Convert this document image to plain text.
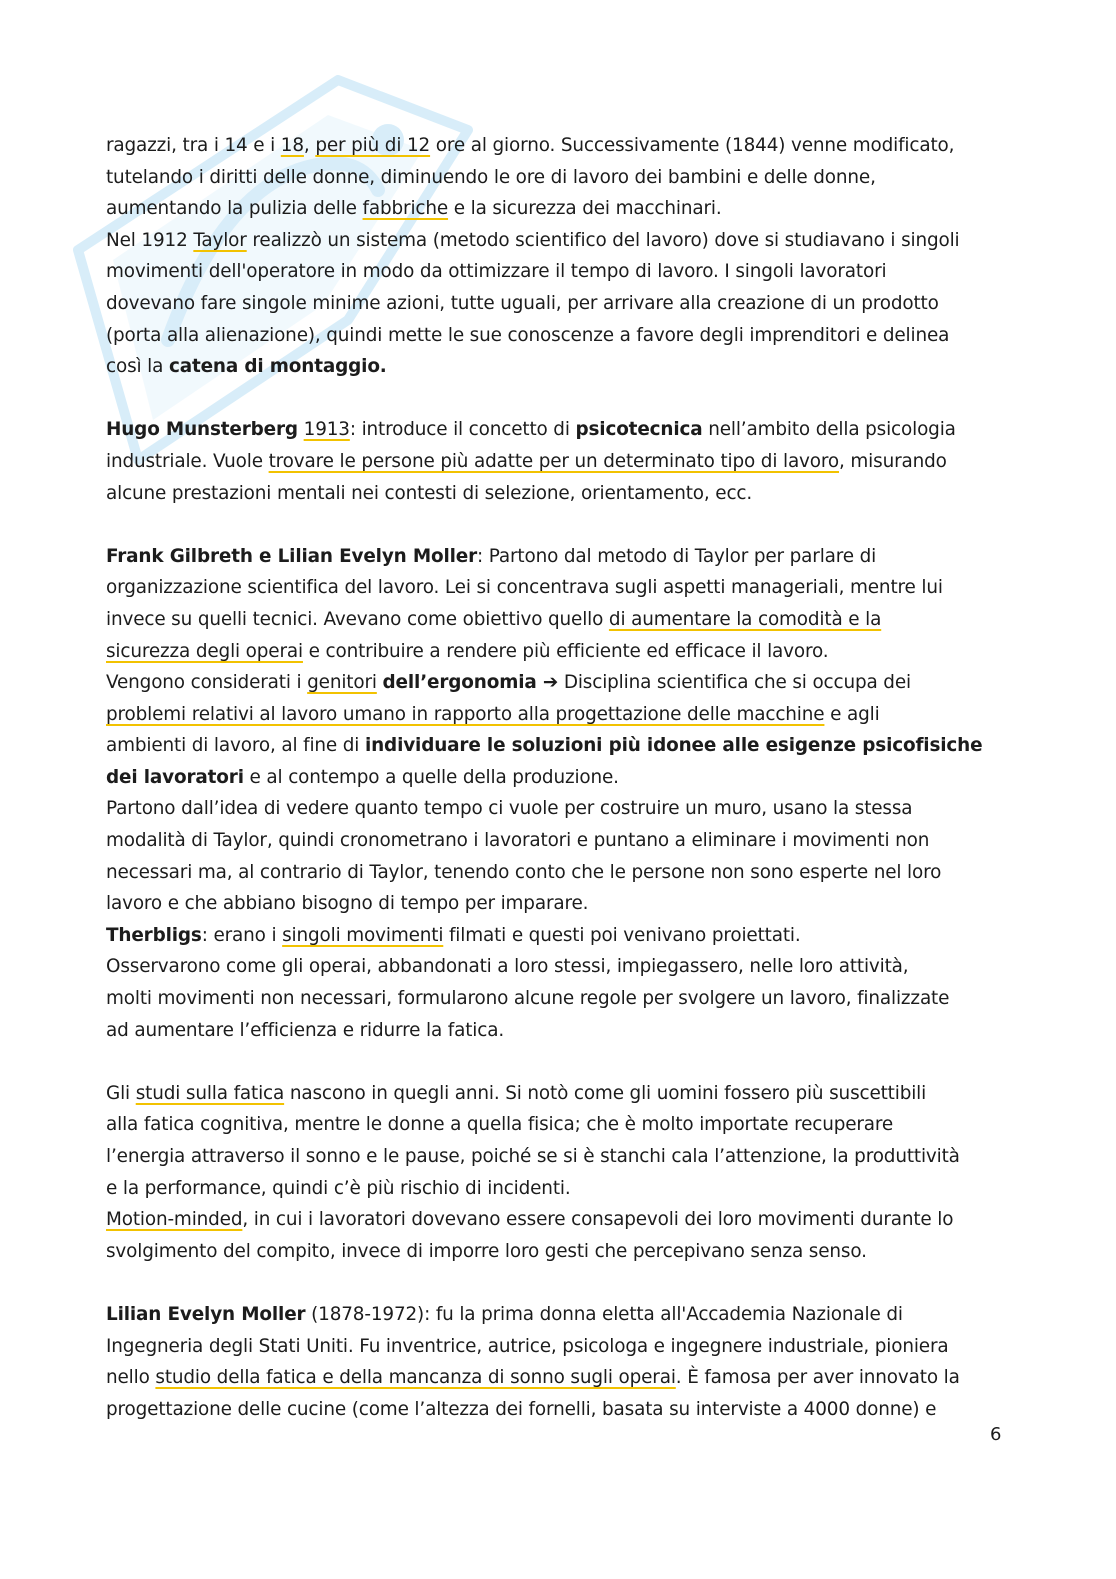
ragazzi, tra i 14 e i 18, per più di 12 ore al giorno. Successivamente (1844) venne modificato,
tutelando i diritti delle donne, diminuendo le ore di lavoro dei bambini e delle donne,
aumentando la pulizia delle fabbriche e la sicurezza dei macchinari.
Nel 1912 Taylor realizzò un sistema (metodo scientifico del lavoro) dove si studiavano i singoli
movimenti dell'operatore in modo da ottimizzare il tempo di lavoro. I singoli lavoratori
dovevano fare singole minime azioni, tutte uguali, per arrivare alla creazione di un prodotto
(porta alla alienazione), quindi mette le sue conoscenze a favore degli imprenditori e delinea
così la catena di montaggio.

Hugo Munsterberg 1913: introduce il concetto di psicotecnica nell’ambito della psicologia
industriale. Vuole trovare le persone più adatte per un determinato tipo di lavoro, misurando
alcune prestazioni mentali nei contesti di selezione, orientamento, ecc.

Frank Gilbreth e Lilian Evelyn Moller: Partono dal metodo di Taylor per parlare di
organizzazione scientifica del lavoro. Lei si concentrava sugli aspetti manageriali, mentre lui
invece su quelli tecnici. Avevano come obiettivo quello di aumentare la comodità e la
sicurezza degli operai e contribuire a rendere più efficiente ed efficace il lavoro.
Vengono considerati i genitori dell’ergonomia ➔ Disciplina scientifica che si occupa dei
problemi relativi al lavoro umano in rapporto alla progettazione delle macchine e agli
ambienti di lavoro, al fine di individuare le soluzioni più idonee alle esigenze psicofisiche
dei lavoratori e al contempo a quelle della produzione.
Partono dall’idea di vedere quanto tempo ci vuole per costruire un muro, usano la stessa
modalità di Taylor, quindi cronometrano i lavoratori e puntano a eliminare i movimenti non
necessari ma, al contrario di Taylor, tenendo conto che le persone non sono esperte nel loro
lavoro e che abbiano bisogno di tempo per imparare.
Therbligs: erano i singoli movimenti filmati e questi poi venivano proiettati.
Osservarono come gli operai, abbandonati a loro stessi, impiegassero, nelle loro attività,
molti movimenti non necessari, formularono alcune regole per svolgere un lavoro, finalizzate
ad aumentare l’efficienza e ridurre la fatica.

Gli studi sulla fatica nascono in quegli anni. Si notò come gli uomini fossero più suscettibili
alla fatica cognitiva, mentre le donne a quella fisica; che è molto importate recuperare
l’energia attraverso il sonno e le pause, poiché se si è stanchi cala l’attenzione, la produttività
e la performance, quindi c’è più rischio di incidenti.
Motion-minded, in cui i lavoratori dovevano essere consapevoli dei loro movimenti durante lo
svolgimento del compito, invece di imporre loro gesti che percepivano senza senso.

Lilian Evelyn Moller (1878-1972): fu la prima donna eletta all'Accademia Nazionale di
Ingegneria degli Stati Uniti. Fu inventrice, autrice, psicologa e ingegnere industriale, pioniera
nello studio della fatica e della mancanza di sonno sugli operai. È famosa per aver innovato la
progettazione delle cucine (come l’altezza dei fornelli, basata su interviste a 4000 donne) e

6
